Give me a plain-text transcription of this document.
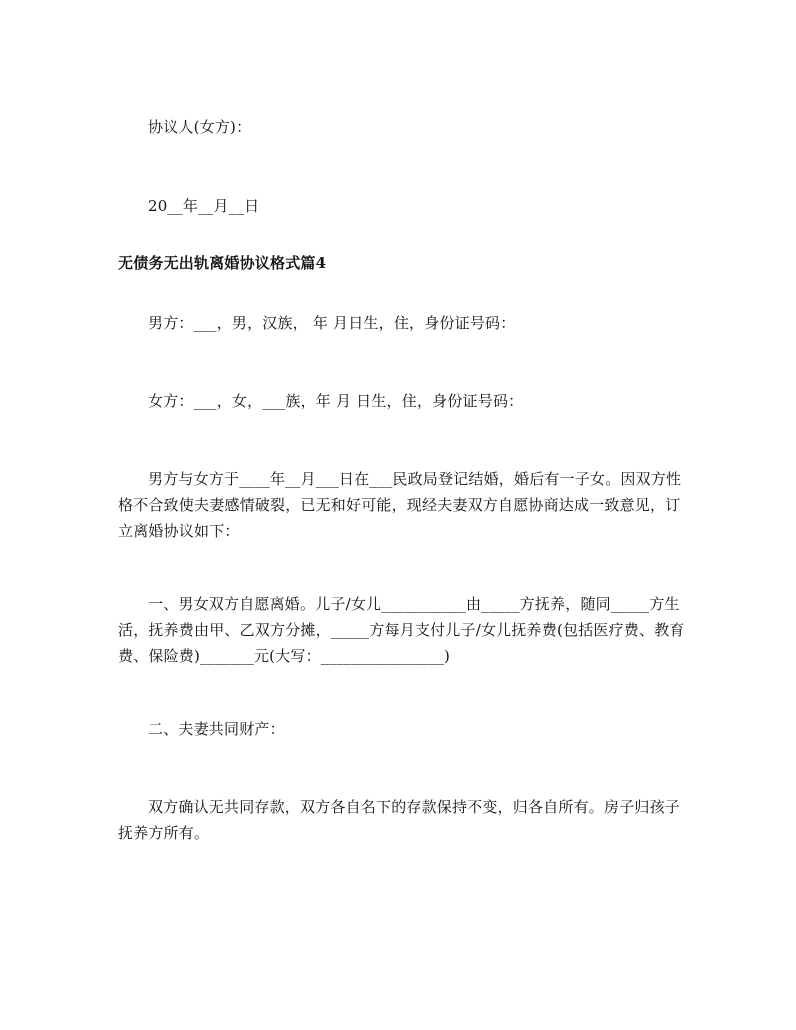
协议人(女方)：
20__年__月__日
无债务无出轨离婚协议格式篇4
男方：___，男，汉族， 年 月日生，住，身份证号码：
女方：___，女，___族，年 月 日生，住，身份证号码：
男方与女方于____年__月___日在___民政局登记结婚，婚后有一子女。因双方性格不合致使夫妻感情破裂，已无和好可能，现经夫妻双方自愿协商达成一致意见，订立离婚协议如下：
一、男女双方自愿离婚。儿子/女儿___________由_____方抚养，随同_____方生活，抚养费由甲、乙双方分摊，_____方每月支付儿子/女儿抚养费(包括医疗费、教育费、保险费)_______元(大写：________________)
二、夫妻共同财产：
双方确认无共同存款，双方各自名下的存款保持不变，归各自所有。房子归孩子抚养方所有。
